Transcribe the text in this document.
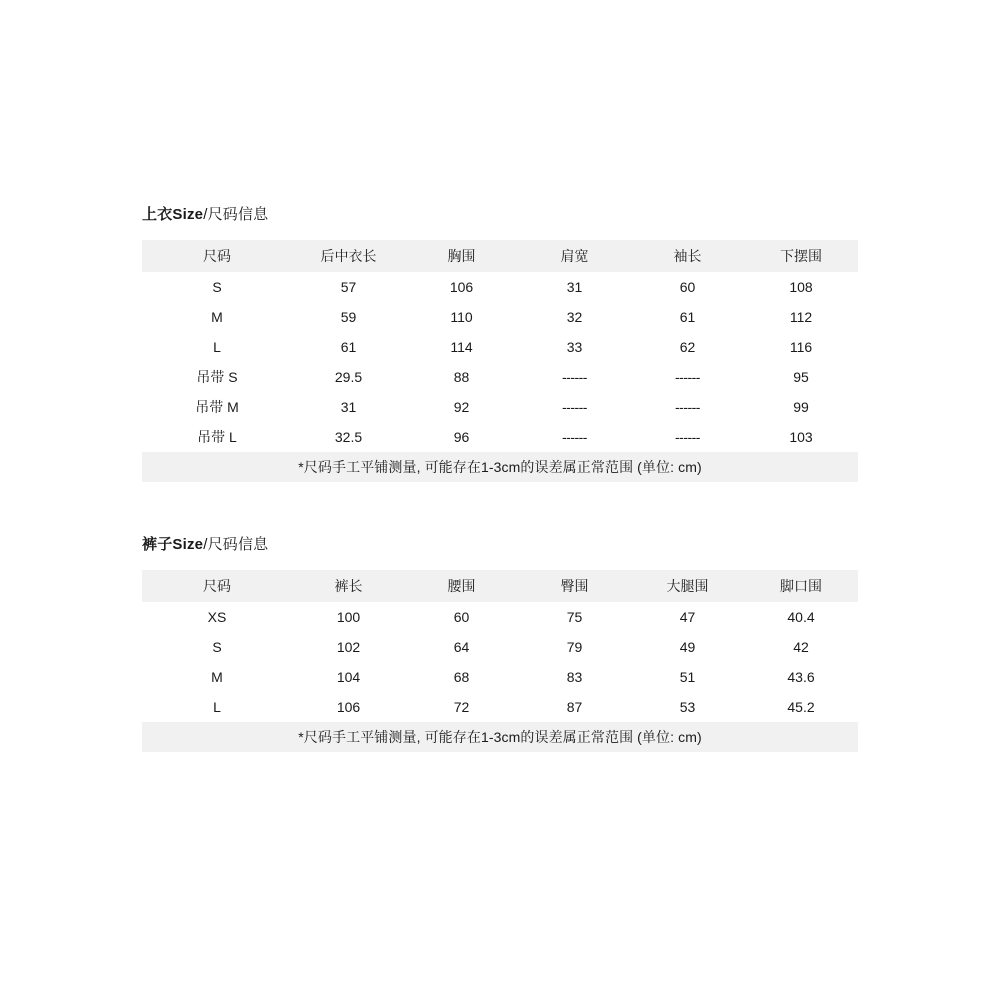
上衣Size/尺码信息
尺码	后中衣长	胸围	肩宽	袖长	下摆围
S	57	106	31	60	108
M	59	110	32	61	112
L	61	114	33	62	116
吊带 S	29.5	88	------	------	95
吊带 M	31	92	------	------	99
吊带 L	32.5	96	------	------	103
*尺码手工平铺测量, 可能存在1-3cm的误差属正常范围 (单位: cm)					
裤子Size/尺码信息
尺码	裤长	腰围	臀围	大腿围	脚口围
XS	100	60	75	47	40.4
S	102	64	79	49	42
M	104	68	83	51	43.6
L	106	72	87	53	45.2
*尺码手工平铺测量, 可能存在1-3cm的误差属正常范围 (单位: cm)					
